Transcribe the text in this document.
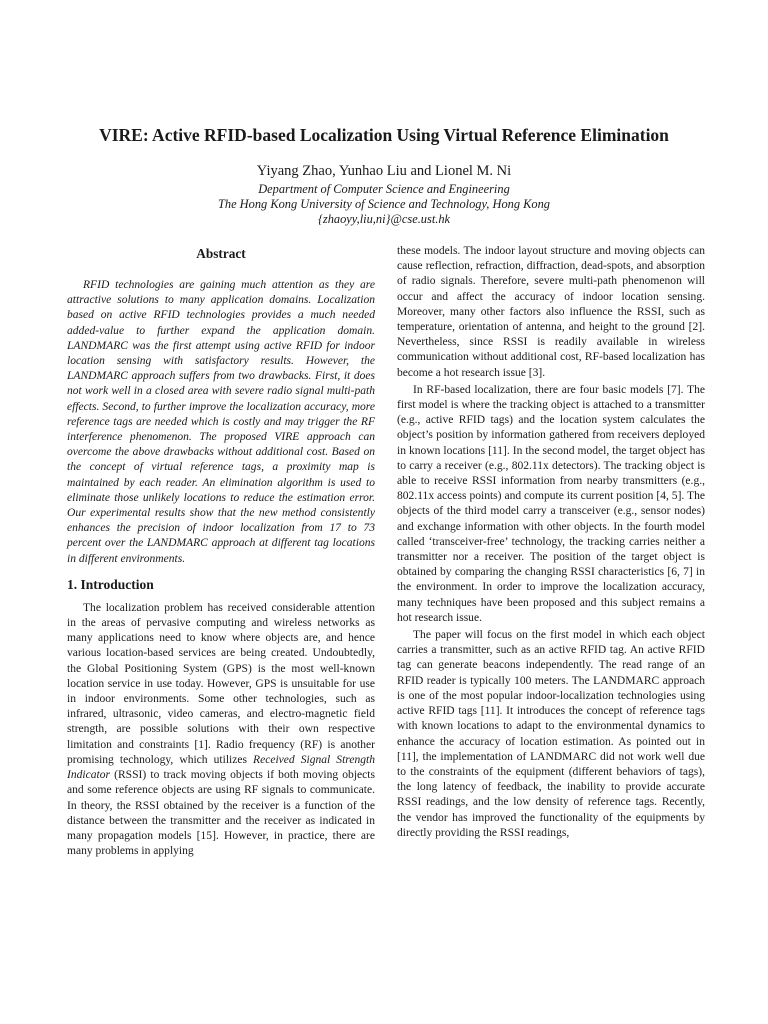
VIRE: Active RFID-based Localization Using Virtual Reference Elimination

Yiyang Zhao, Yunhao Liu and Lionel M. Ni

Department of Computer Science and Engineering

The Hong Kong University of Science and Technology, Hong Kong

{zhaoyy,liu,ni}@cse.ust.hk

Abstract

RFID technologies are gaining much attention as they are attractive solutions to many application domains. Localization based on active RFID technologies provides a much needed added-value to further expand the application domain. LANDMARC was the first attempt using active RFID for indoor location sensing with satisfactory results. However, the LANDMARC approach suffers from two drawbacks. First, it does not work well in a closed area with severe radio signal multi-path effects. Second, to further improve the localization accuracy, more reference tags are needed which is costly and may trigger the RF interference phenomenon. The proposed VIRE approach can overcome the above drawbacks without additional cost. Based on the concept of virtual reference tags, a proximity map is maintained by each reader. An elimination algorithm is used to eliminate those unlikely locations to reduce the estimation error. Our experimental results show that the new method consistently enhances the precision of indoor localization from 17 to 73 percent over the LANDMARC approach at different tag locations in different environments.

1. Introduction

The localization problem has received considerable attention in the areas of pervasive computing and wireless networks as many applications need to know where objects are, and hence various location-based services are being created. Undoubtedly, the Global Positioning System (GPS) is the most well-known location service in use today. However, GPS is unsuitable for use in indoor environments. Some other technologies, such as infrared, ultrasonic, video cameras, and electro-magnetic field strength, are possible solutions with their own respective limitation and constraints [1]. Radio frequency (RF) is another promising technology, which utilizes Received Signal Strength Indicator (RSSI) to track moving objects if both moving objects and some reference objects are using RF signals to communicate. In theory, the RSSI obtained by the receiver is a function of the distance between the transmitter and the receiver as indicated in many propagation models [15]. However, in practice, there are many problems in applying

these models. The indoor layout structure and moving objects can cause reflection, refraction, diffraction, dead-spots, and absorption of radio signals. Therefore, severe multi-path phenomenon will occur and affect the accuracy of indoor location sensing. Moreover, many other factors also influence the RSSI, such as temperature, orientation of antenna, and height to the ground [2]. Nevertheless, since RSSI is readily available in wireless communication without additional cost, RF-based localization has become a hot research issue [3].

In RF-based localization, there are four basic models [7]. The first model is where the tracking object is attached to a transmitter (e.g., active RFID tags) and the location system calculates the object’s position by information gathered from receivers deployed in known locations [11]. In the second model, the target object has to carry a receiver (e.g., 802.11x detectors). The tracking object is able to receive RSSI information from nearby transmitters (e.g., 802.11x access points) and compute its current position [4, 5]. The objects of the third model carry a transceiver (e.g., sensor nodes) and exchange information with other objects. In the fourth model called ‘transceiver-free’ technology, the tracking carries neither a transmitter nor a receiver. The position of the target object is obtained by comparing the changing RSSI characteristics [6, 7] in the environment. In order to improve the localization accuracy, many techniques have been proposed and this subject remains a hot research issue.

The paper will focus on the first model in which each object carries a transmitter, such as an active RFID tag. An active RFID tag can generate beacons independently. The read range of an RFID reader is typically 100 meters. The LANDMARC approach is one of the most popular indoor-localization technologies using active RFID tags [11]. It introduces the concept of reference tags with known locations to adapt to the environmental dynamics to enhance the accuracy of location estimation. As pointed out in [11], the implementation of LANDMARC did not work well due to the constraints of the equipment (different behaviors of tags), the long latency of feedback, the inability to provide accurate RSSI readings, and the low density of reference tags. Recently, the vendor has improved the functionality of the equipments by directly providing the RSSI readings,
